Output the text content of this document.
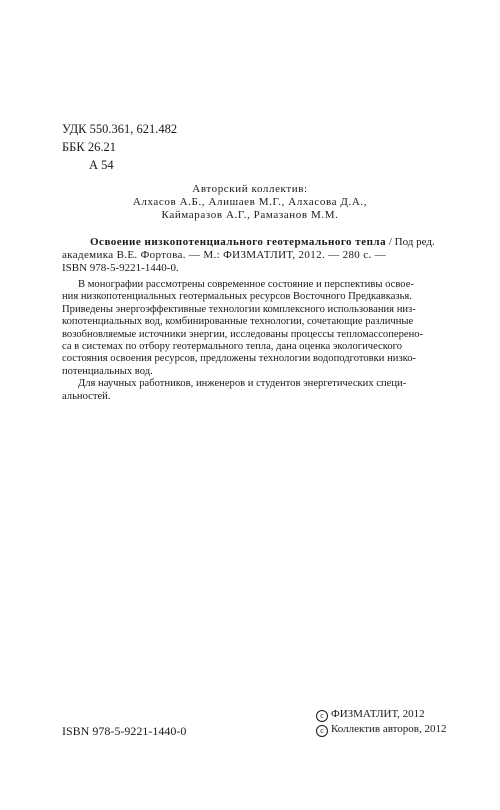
УДК 550.361, 621.482
ББК 26.21
А 54
Авторский коллектив:
Алхасов А.Б., Алишаев М.Г., Алхасова Д.А.,
Каймаразов А.Г., Рамазанов М.М.
Освоение низкопотенциального геотермального тепла / Под ред.
академика В.Е. Фортова. — М.: ФИЗМАТЛИТ, 2012. — 280 с. —
ISBN 978-5-9221-1440-0.

В монографии рассмотрены современное состояние и перспективы освое-
ния низкопотенциальных геотермальных ресурсов Восточного Предкавказья.
Приведены энергоэффективные технологии комплексного использования низ-
копотенциальных вод, комбинированные технологии, сочетающие различные
возобновляемые источники энергии, исследованы процессы тепломассоперено-
са в системах по отбору геотермального тепла, дана оценка экологического
состояния освоения ресурсов, предложены технологии водоподготовки низко-
потенциальных вод.

Для научных работников, инженеров и студентов энергетических специ-
альностей.

ISBN 978-5-9221-1440-0
c ФИЗМАТЛИТ, 2012
c Коллектив авторов, 2012
